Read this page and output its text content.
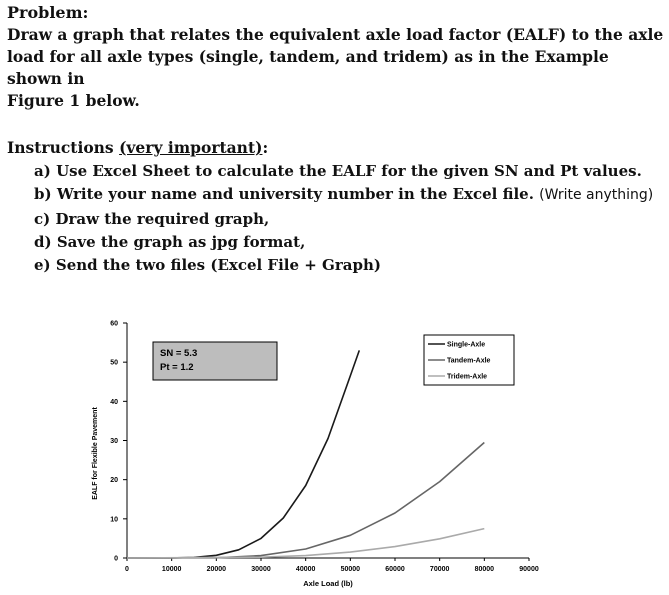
Problem:
Draw a graph that relates the equivalent axle load factor (EALF) to the axle
load for all axle types (single, tandem, and tridem) as in the Example shown in
Figure 1 below.
Instructions (very important):
a) Use Excel Sheet to calculate the EALF for the given SN and Pt values.
b) Write your name and university number in the Excel file. (Write anything)
c) Draw the required graph,
d) Save the graph as jpg format,
e) Send the two files (Excel File + Graph)
0
10
20
30
40
50
60
0	10000	20000	30000	40000	50000	60000	70000	80000	90000
Axle Load (lb)
EALF for Flexible Pavement
SN = 5.3
Pt = 1.2
Single-Axle
Tandem-Axle
Tridem-Axle
